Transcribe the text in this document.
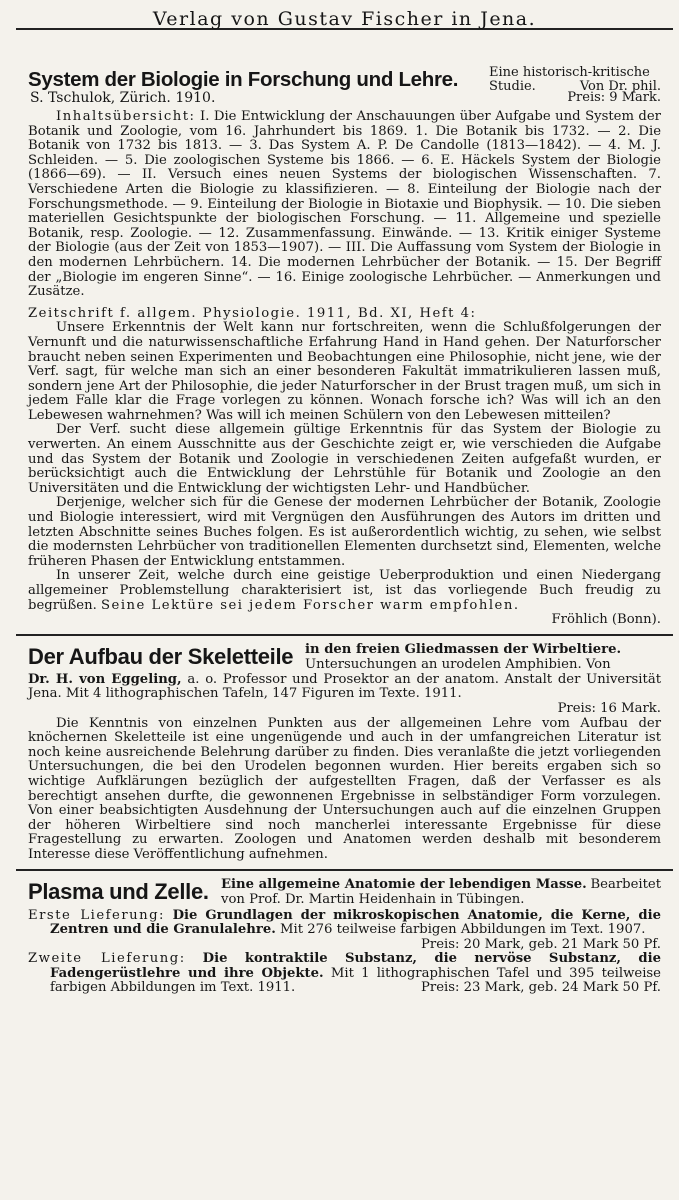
Verlag von Gustav Fischer in Jena.
System der Biologie in Forschung und Lehre. Eine historisch-kritische
Studie.	Von Dr. phil.
S. Tschulok, Zürich. 1910.	Preis: 9 Mark.

Inhaltsübersicht: I. Die Entwicklung der Anschauungen über Aufgabe und System der Botanik und Zoologie, vom 16. Jahrhundert bis 1869. 1. Die Botanik bis 1732. — 2. Die Botanik von 1732 bis 1813. — 3. Das System A. P. De Candolle (1813—1842). — 4. M. J. Schleiden. — 5. Die zoologischen Systeme bis 1866. — 6. E. Häckels System der Biologie (1866—69). — II. Versuch eines neuen Systems der biologischen Wissenschaften. 7. Verschiedene Arten die Biologie zu klassifizieren. — 8. Einteilung der Biologie nach der Forschungsmethode. — 9. Einteilung der Biologie in Biotaxie und Biophysik. — 10. Die sieben materiellen Gesichtspunkte der biologischen Forschung. — 11. Allgemeine und spezielle Botanik, resp. Zoologie. — 12. Zusammenfassung. Einwände. — 13. Kritik einiger Systeme der Biologie (aus der Zeit von 1853—1907). — III. Die Auffassung vom System der Biologie in den modernen Lehrbüchern. 14. Die modernen Lehrbücher der Botanik. — 15. Der Begriff der „Biologie im engeren Sinne“. — 16. Einige zoologische Lehrbücher. — Anmerkungen und Zusätze.

Zeitschrift f. allgem. Physiologie. 1911, Bd. XI, Heft 4:

Unsere Erkenntnis der Welt kann nur fortschreiten, wenn die Schlußfolgerungen der Vernunft und die naturwissenschaftliche Erfahrung Hand in Hand gehen. Der Naturforscher braucht neben seinen Experimenten und Beobachtungen eine Philosophie, nicht jene, wie der Verf. sagt, für welche man sich an einer besonderen Fakultät immatrikulieren lassen muß, sondern jene Art der Philosophie, die jeder Naturforscher in der Brust tragen muß, um sich in jedem Falle klar die Frage vorlegen zu können. Wonach forsche ich? Was will ich an den Lebewesen wahrnehmen? Was will ich meinen Schülern von den Lebewesen mitteilen?

Der Verf. sucht diese allgemein gültige Erkenntnis für das System der Biologie zu verwerten. An einem Ausschnitte aus der Geschichte zeigt er, wie verschieden die Aufgabe und das System der Botanik und Zoologie in verschiedenen Zeiten aufgefaßt wurden, er berücksichtigt auch die Entwicklung der Lehrstühle für Botanik und Zoologie an den Universitäten und die Entwicklung der wichtigsten Lehr- und Handbücher.

Derjenige, welcher sich für die Genese der modernen Lehrbücher der Botanik, Zoologie und Biologie interessiert, wird mit Vergnügen den Ausführungen des Autors im dritten und letzten Abschnitte seines Buches folgen. Es ist außerordentlich wichtig, zu sehen, wie selbst die modernsten Lehrbücher von traditionellen Elementen durchsetzt sind, Elementen, welche früheren Phasen der Entwicklung entstammen.

In unserer Zeit, welche durch eine geistige Ueberproduktion und einen Niedergang allgemeiner Problemstellung charakterisiert ist, ist das vorliegende Buch freudig zu begrüßen. Seine Lektüre sei jedem Forscher warm empfohlen.

Fröhlich (Bonn).

Der Aufbau der Skeletteile in den freien Gliedmassen der Wirbeltiere.
Untersuchungen an urodelen Amphibien. Von

Dr. H. von Eggeling, a. o. Professor und Prosektor an der anatom. Anstalt der Universität Jena. Mit 4 lithographischen Tafeln, 147 Figuren im Texte. 1911.

Preis: 16 Mark.

Die Kenntnis von einzelnen Punkten aus der allgemeinen Lehre vom Aufbau der knöchernen Skeletteile ist eine ungenügende und auch in der umfangreichen Literatur ist noch keine ausreichende Belehrung darüber zu finden. Dies veranlaßte die jetzt vorliegenden Untersuchungen, die bei den Urodelen begonnen wurden. Hier bereits ergaben sich so wichtige Aufklärungen bezüglich der aufgestellten Fragen, daß der Verfasser es als berechtigt ansehen durfte, die gewonnenen Ergebnisse in selbständiger Form vorzulegen. Von einer beabsichtigten Ausdehnung der Untersuchungen auch auf die einzelnen Gruppen der höheren Wirbeltiere sind noch mancherlei interessante Ergebnisse für diese Fragestellung zu erwarten. Zoologen und Anatomen werden deshalb mit besonderem Interesse diese Veröffentlichung aufnehmen.

Plasma und Zelle. Eine allgemeine Anatomie der lebendigen Masse. Bearbeitet
von Prof. Dr. Martin Heidenhain in Tübingen.

Erste Lieferung: Die Grundlagen der mikroskopischen Anatomie, die Kerne, die Zentren und die Granulalehre. Mit 276 teilweise farbigen Abbildungen im Text. 1907.
Preis: 20 Mark, geb. 21 Mark 50 Pf.

Zweite Lieferung: Die kontraktile Substanz, die nervöse Substanz, die Fadengerüstlehre und ihre Objekte. Mit 1 lithographischen Tafel und 395 teilweise farbigen Abbildungen im Text. 1911.	Preis: 23 Mark, geb. 24 Mark 50 Pf.
